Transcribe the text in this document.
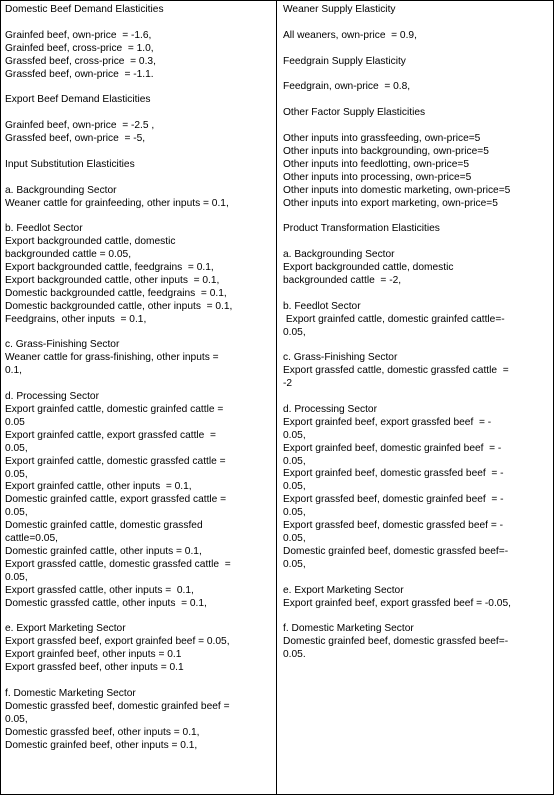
Domestic Beef Demand Elasticities
Grainfed beef, own-price  = -1.6,
Grainfed beef, cross-price  = 1.0,
Grassfed beef, cross-price  = 0.3,
Grassfed beef, own-price  = -1.1.
Export Beef Demand Elasticities
Grainfed beef, own-price  = -2.5 ,
Grassfed beef, own-price  = -5,
Input Substitution Elasticities
a. Backgrounding Sector
Weaner cattle for grainfeeding, other inputs = 0.1,
b. Feedlot Sector
Export backgrounded cattle, domestic
backgrounded cattle = 0.05,
Export backgrounded cattle, feedgrains  = 0.1,
Export backgrounded cattle, other inputs  = 0.1,
Domestic backgrounded cattle, feedgrains  = 0.1,
Domestic backgrounded cattle, other inputs  = 0.1,
Feedgrains, other inputs  = 0.1,
c. Grass-Finishing Sector
Weaner cattle for grass-finishing, other inputs =
0.1,
d. Processing Sector
Export grainfed cattle, domestic grainfed cattle =
0.05
Export grainfed cattle, export grassfed cattle  =
0.05,
Export grainfed cattle, domestic grassfed cattle =
0.05,
Export grainfed cattle, other inputs  = 0.1,
Domestic grainfed cattle, export grassfed cattle =
0.05,
Domestic grainfed cattle, domestic grassfed
cattle=0.05,
Domestic grainfed cattle, other inputs = 0.1,
Export grassfed cattle, domestic grassfed cattle  =
0.05,
Export grassfed cattle, other inputs =  0.1,
Domestic grassfed cattle, other inputs  = 0.1,
e. Export Marketing Sector
Export grassfed beef, export grainfed beef = 0.05,
Export grainfed beef, other inputs = 0.1
Export grassfed beef, other inputs = 0.1
f. Domestic Marketing Sector
Domestic grassfed beef, domestic grainfed beef =
0.05,
Domestic grassfed beef, other inputs = 0.1,
Domestic grainfed beef, other inputs = 0.1,
Weaner Supply Elasticity
All weaners, own-price  = 0.9,
Feedgrain Supply Elasticity
Feedgrain, own-price  = 0.8,
Other Factor Supply Elasticities
Other inputs into grassfeeding, own-price=5
Other inputs into backgrounding, own-price=5
Other inputs into feedlotting, own-price=5
Other inputs into processing, own-price=5
Other inputs into domestic marketing, own-price=5
Other inputs into export marketing, own-price=5
Product Transformation Elasticities
a. Backgrounding Sector
Export backgrounded cattle, domestic
backgrounded cattle  = -2,
b. Feedlot Sector
Export grainfed cattle, domestic grainfed cattle=-
0.05,
c. Grass-Finishing Sector
Export grassfed cattle, domestic grassfed cattle  =
-2
d. Processing Sector
Export grainfed beef, export grassfed beef  = -
0.05,
Export grainfed beef, domestic grainfed beef  = -
0.05,
Export grainfed beef, domestic grassfed beef  = -
0.05,
Export grassfed beef, domestic grainfed beef  = -
0.05,
Export grassfed beef, domestic grassfed beef = -
0.05,
Domestic grainfed beef, domestic grassfed beef=-
0.05,
e. Export Marketing Sector
Export grainfed beef, export grassfed beef = -0.05,
f. Domestic Marketing Sector
Domestic grainfed beef, domestic grassfed beef=-
0.05.
